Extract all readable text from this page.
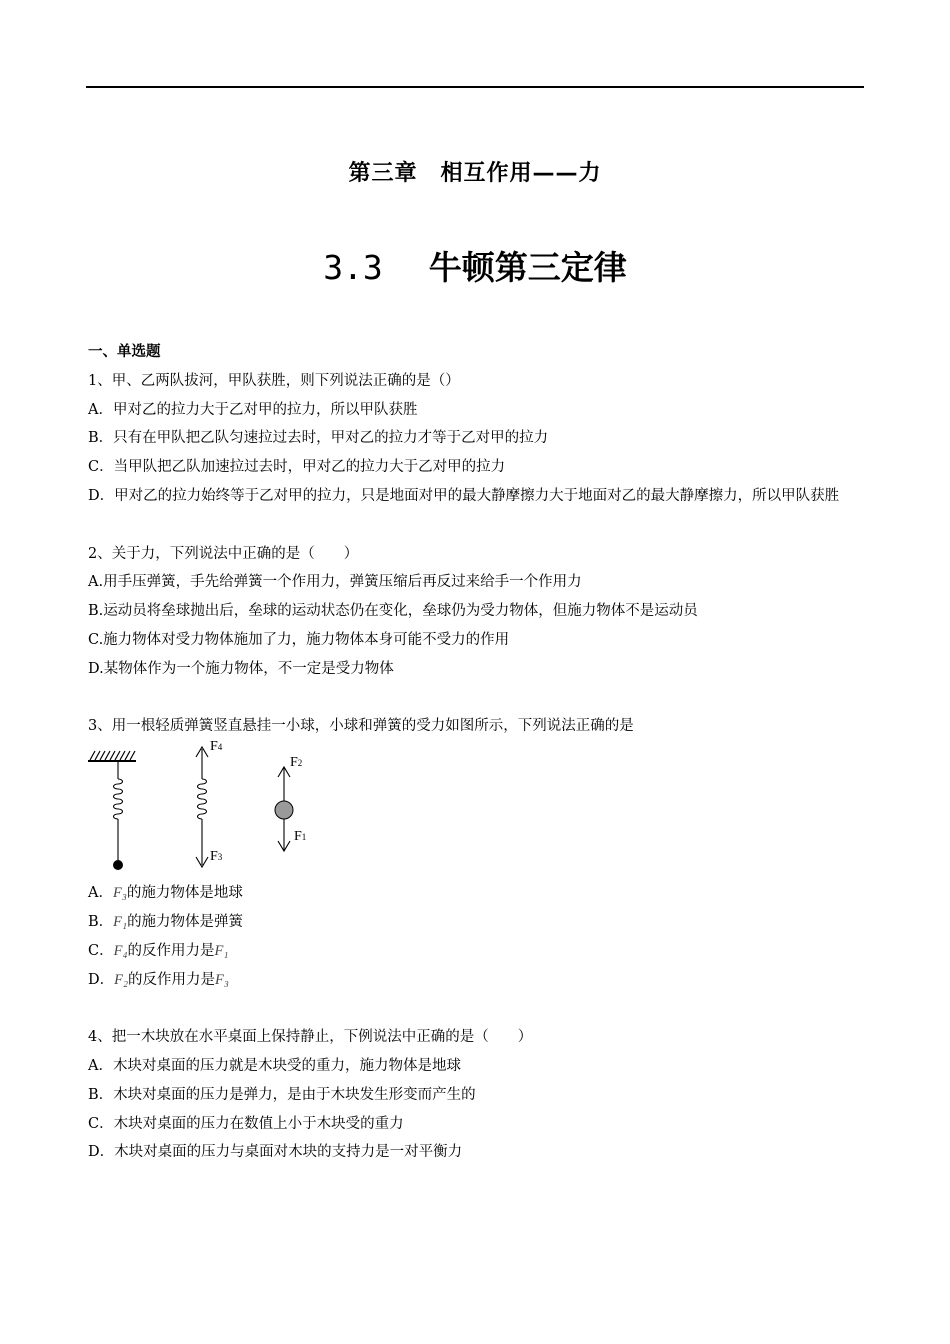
第三章　相互作用——力
3.3 牛顿第三定律
一、单选题
1、甲、乙两队拔河，甲队获胜，则下列说法正确的是（）
A．甲对乙的拉力大于乙对甲的拉力，所以甲队获胜
B．只有在甲队把乙队匀速拉过去时，甲对乙的拉力才等于乙对甲的拉力
C．当甲队把乙队加速拉过去时，甲对乙的拉力大于乙对甲的拉力
D．甲对乙的拉力始终等于乙对甲的拉力，只是地面对甲的最大静摩擦力大于地面对乙的最大静摩擦力，所以甲队获胜
2、关于力，下列说法中正确的是（　　）
A.用手压弹簧，手先给弹簧一个作用力，弹簧压缩后再反过来给手一个作用力
B.运动员将垒球抛出后，垒球的运动状态仍在变化，垒球仍为受力物体，但施力物体不是运动员
C.施力物体对受力物体施加了力，施力物体本身可能不受力的作用
D.某物体作为一个施力物体，不一定是受力物体
3、用一根轻质弹簧竖直悬挂一小球，小球和弹簧的受力如图所示，下列说法正确的是
F4
F3
F2
F1
A．F₃的施力物体是地球
B．F₁的施力物体是弹簧
C．F₄的反作用力是F₁
D．F₂的反作用力是F₃
4、把一木块放在水平桌面上保持静止，下例说法中正确的是（　　）
A．木块对桌面的压力就是木块受的重力，施力物体是地球
B．木块对桌面的压力是弹力，是由于木块发生形变而产生的
C．木块对桌面的压力在数值上小于木块受的重力
D．木块对桌面的压力与桌面对木块的支持力是一对平衡力
